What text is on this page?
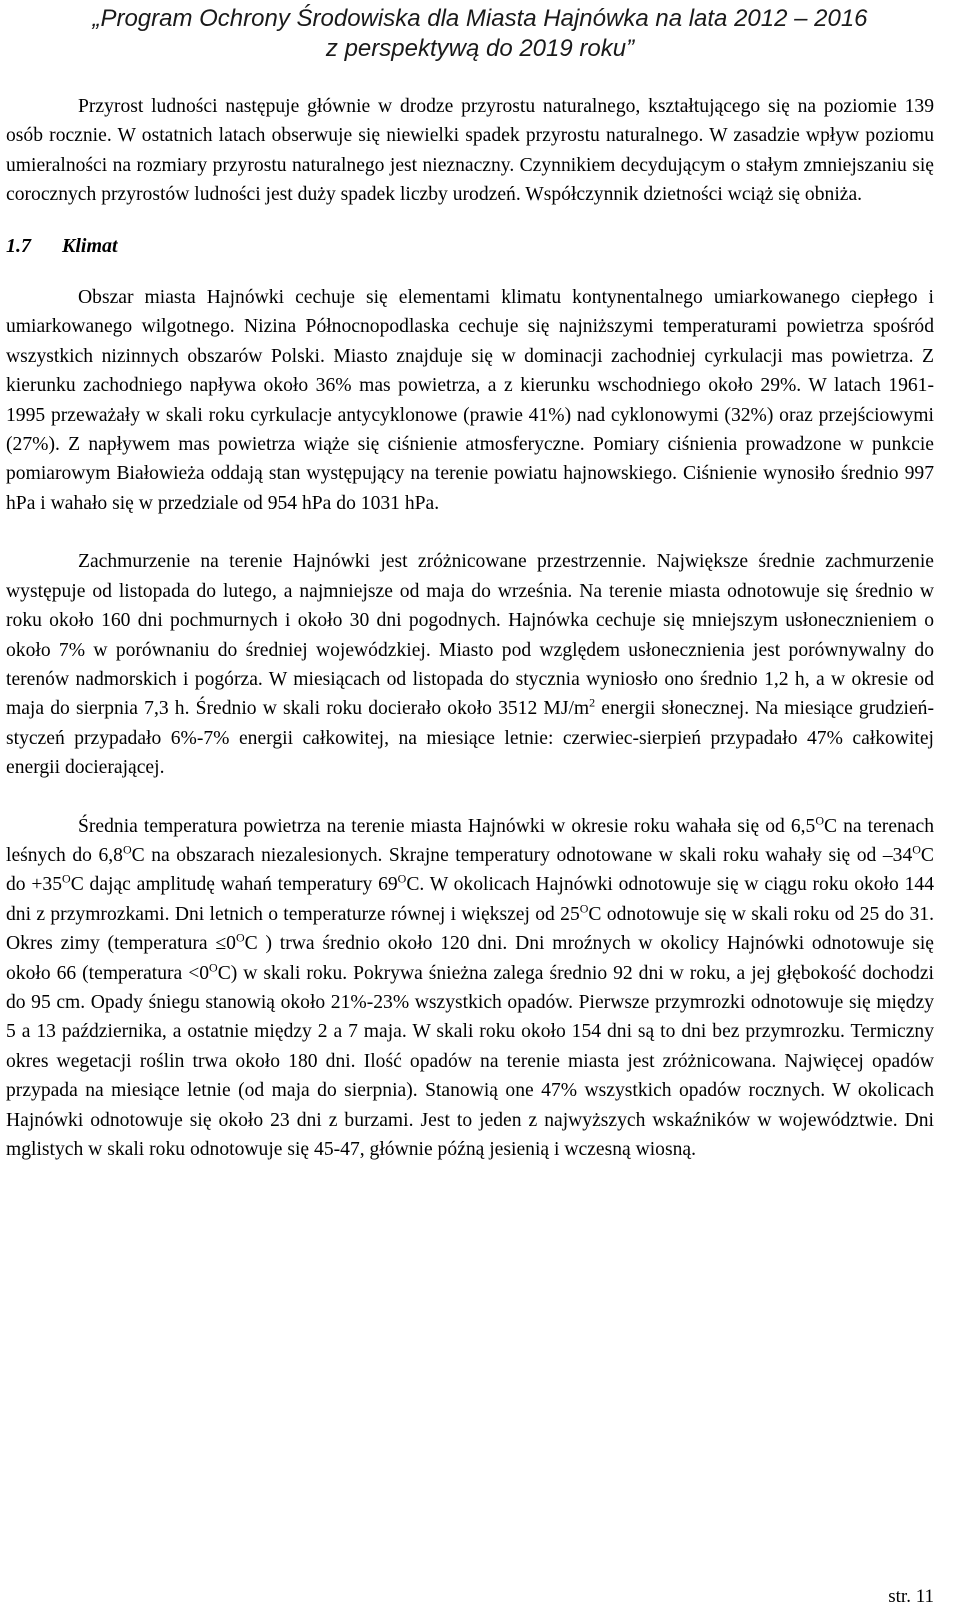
„Program Ochrony Środowiska dla Miasta Hajnówka na lata 2012 – 2016
z perspektywą do 2019 roku”

Przyrost ludności następuje głównie w drodze przyrostu naturalnego, kształtującego się na poziomie 139 osób rocznie. W ostatnich latach obserwuje się niewielki spadek przyrostu naturalnego. W zasadzie wpływ poziomu umieralności na rozmiary przyrostu naturalnego jest nieznaczny. Czynnikiem decydującym o stałym zmniejszaniu się corocznych przyrostów ludności jest duży spadek liczby urodzeń. Współczynnik dzietności wciąż się obniża.

1.7 Klimat

Obszar miasta Hajnówki cechuje się elementami klimatu kontynentalnego umiarkowanego ciepłego i umiarkowanego wilgotnego. Nizina Północnopodlaska cechuje się najniższymi temperaturami powietrza spośród wszystkich nizinnych obszarów Polski. Miasto znajduje się w dominacji zachodniej cyrkulacji mas powietrza. Z kierunku zachodniego napływa około 36% mas powietrza, a z kierunku wschodniego około 29%. W latach 1961-1995 przeważały w skali roku cyrkulacje antycyklonowe (prawie 41%) nad cyklonowymi (32%) oraz przejściowymi (27%). Z napływem mas powietrza wiąże się ciśnienie atmosferyczne. Pomiary ciśnienia prowadzone w punkcie pomiarowym Białowieża oddają stan występujący na terenie powiatu hajnowskiego. Ciśnienie wynosiło średnio 997 hPa i wahało się w przedziale od 954 hPa do 1031 hPa.

Zachmurzenie na terenie Hajnówki jest zróżnicowane przestrzennie. Największe średnie zachmurzenie występuje od listopada do lutego, a najmniejsze od maja do września. Na terenie miasta odnotowuje się średnio w roku około 160 dni pochmurnych i około 30 dni pogodnych. Hajnówka cechuje się mniejszym usłonecznieniem o około 7% w porównaniu do średniej wojewódzkiej. Miasto pod względem usłonecznienia jest porównywalny do terenów nadmorskich i pogórza. W miesiącach od listopada do stycznia wyniosło ono średnio 1,2 h, a w okresie od maja do sierpnia 7,3 h. Średnio w skali roku docierało około 3512 $MJ/m^2$ energii słonecznej. Na miesiące grudzień-styczeń przypadało 6%-7% energii całkowitej, na miesiące letnie: czerwiec-sierpień przypadało 47% całkowitej energii docierającej.

Średnia temperatura powietrza na terenie miasta Hajnówki w okresie roku wahała się od $6,5^OC$ na terenach leśnych do $6,8^OC$ na obszarach niezalesionych. Skrajne temperatury odnotowane w skali roku wahały się od $-34^OC$ do $+35^OC$ dając amplitudę wahań temperatury $69^OC$. W okolicach Hajnówki odnotowuje się w ciągu roku około 144 dni z przymrozkami. Dni letnich o temperaturze równej i większej od $25^OC$ odnotowuje się w skali roku od 25 do 31. Okres zimy (temperatura $\le 0^OC$ ) trwa średnio około 120 dni. Dni mroźnych w okolicy Hajnówki odnotowuje się około 66 (temperatura $<0^OC$) w skali roku. Pokrywa śnieżna zalega średnio 92 dni w roku, a jej głębokość dochodzi do 95 cm. Opady śniegu stanowią około 21%-23% wszystkich opadów. Pierwsze przymrozki odnotowuje się między 5 a 13 października, a ostatnie między 2 a 7 maja. W skali roku około 154 dni są to dni bez przymrozku. Termiczny okres wegetacji roślin trwa około 180 dni. Ilość opadów na terenie miasta jest zróżnicowana. Najwięcej opadów przypada na miesiące letnie (od maja do sierpnia). Stanowią one 47% wszystkich opadów rocznych. W okolicach Hajnówki odnotowuje się około 23 dni z burzami. Jest to jeden z najwyższych wskaźników w województwie. Dni mglistych w skali roku odnotowuje się 45-47, głównie późną jesienią i wczesną wiosną.

str. 11
